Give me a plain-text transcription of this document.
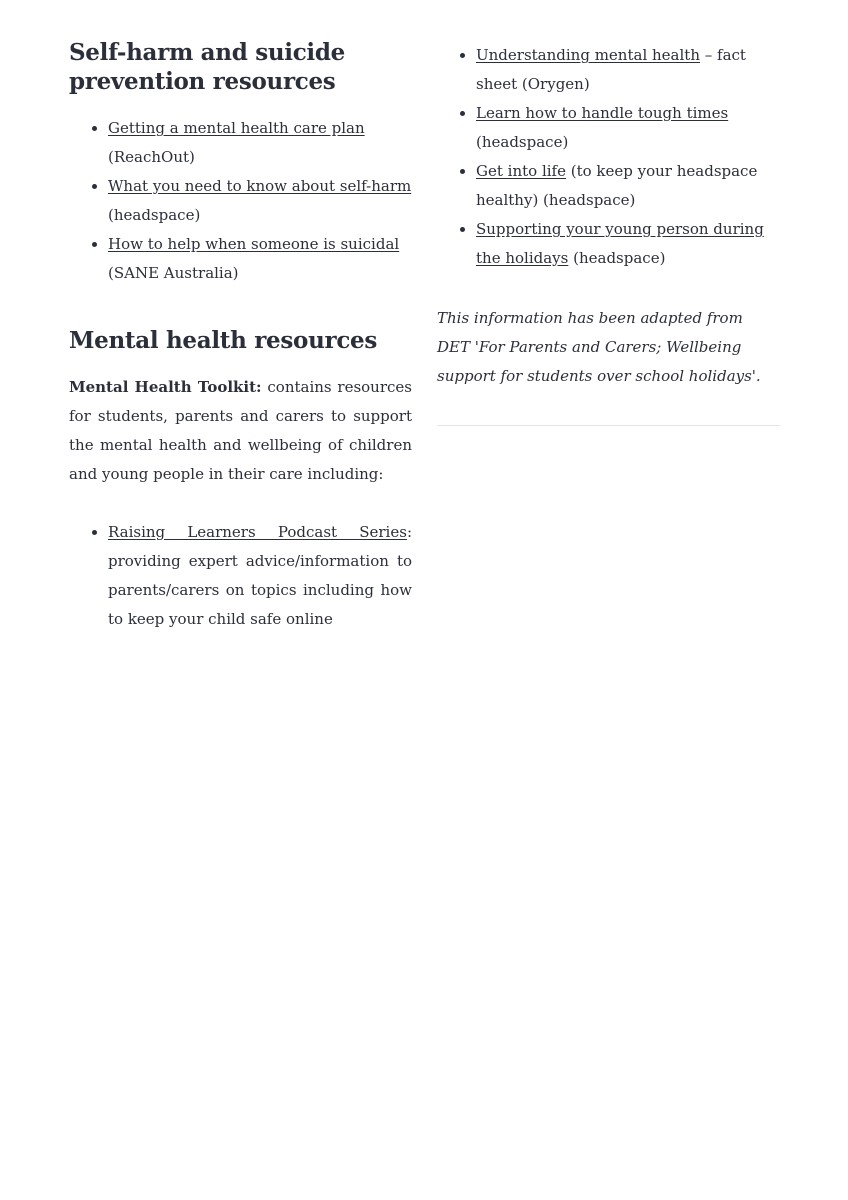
Self-harm and suicide prevention resources
• Getting a mental health care plan (ReachOut)
• What you need to know about self-harm (headspace)
• How to help when someone is suicidal (SANE Australia)
Mental health resources

Mental Health Toolkit: contains resources for students, parents and carers to support the mental health and wellbeing of children and young people in their care including:

• Raising Learners Podcast Series: providing expert advice/information to parents/carers on topics including how to keep your child safe online
• Understanding mental health – fact sheet (Orygen)
• Learn how to handle tough times (headspace)
• Get into life (to keep your headspace healthy) (headspace)
• Supporting your young person during the holidays (headspace)

This information has been adapted from DET 'For Parents and Carers; Wellbeing support for students over school holidays'.
